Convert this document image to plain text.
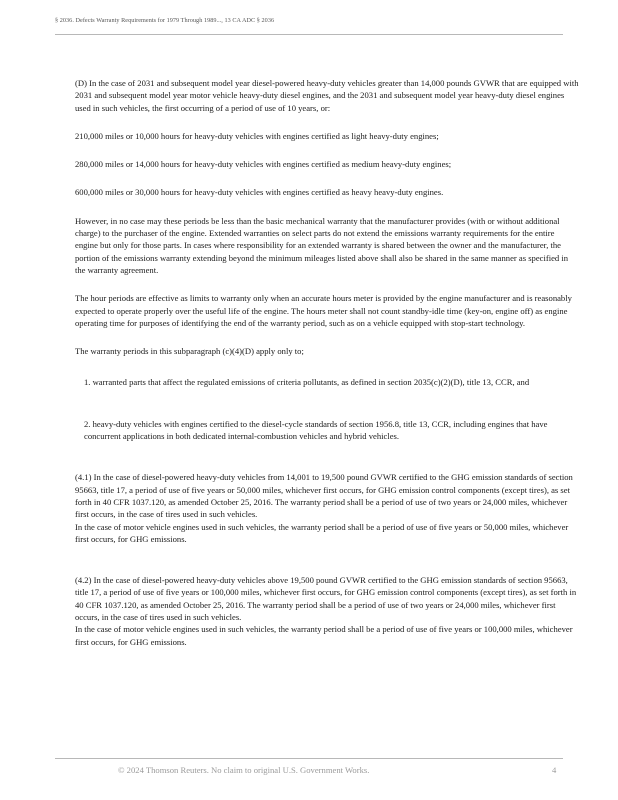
§ 2036. Defects Warranty Requirements for 1979 Through 1989..., 13 CA ADC § 2036

(D) In the case of 2031 and subsequent model year diesel-powered heavy-duty vehicles greater than 14,000 pounds GVWR that are equipped with 2031 and subsequent model year motor vehicle heavy-duty diesel engines, and the 2031 and subsequent model year heavy-duty diesel engines used in such vehicles, the first occurring of a period of use of 10 years, or:

210,000 miles or 10,000 hours for heavy-duty vehicles with engines certified as light heavy-duty engines;

280,000 miles or 14,000 hours for heavy-duty vehicles with engines certified as medium heavy-duty engines;

600,000 miles or 30,000 hours for heavy-duty vehicles with engines certified as heavy heavy-duty engines.

However, in no case may these periods be less than the basic mechanical warranty that the manufacturer provides (with or without additional charge) to the purchaser of the engine. Extended warranties on select parts do not extend the emissions warranty requirements for the entire engine but only for those parts. In cases where responsibility for an extended warranty is shared between the owner and the manufacturer, the portion of the emissions warranty extending beyond the minimum mileages listed above shall also be shared in the same manner as specified in the warranty agreement.

The hour periods are effective as limits to warranty only when an accurate hours meter is provided by the engine manufacturer and is reasonably expected to operate properly over the useful life of the engine. The hours meter shall not count standby-idle time (key-on, engine off) as engine operating time for purposes of identifying the end of the warranty period, such as on a vehicle equipped with stop-start technology.

The warranty periods in this subparagraph (c)(4)(D) apply only to;

1. warranted parts that affect the regulated emissions of criteria pollutants, as defined in section 2035(c)(2)(D), title 13, CCR, and

2. heavy-duty vehicles with engines certified to the diesel-cycle standards of section 1956.8, title 13, CCR, including engines that have concurrent applications in both dedicated internal-combustion vehicles and hybrid vehicles.

(4.1) In the case of diesel-powered heavy-duty vehicles from 14,001 to 19,500 pound GVWR certified to the GHG emission standards of section 95663, title 17, a period of use of five years or 50,000 miles, whichever first occurs, for GHG emission control components (except tires), as set forth in 40 CFR 1037.120, as amended October 25, 2016. The warranty period shall be a period of use of two years or 24,000 miles, whichever first occurs, in the case of tires used in such vehicles.
In the case of motor vehicle engines used in such vehicles, the warranty period shall be a period of use of five years or 50,000 miles, whichever first occurs, for GHG emissions.
(4.2) In the case of diesel-powered heavy-duty vehicles above 19,500 pound GVWR certified to the GHG emission standards of section 95663, title 17, a period of use of five years or 100,000 miles, whichever first occurs, for GHG emission control components (except tires), as set forth in 40 CFR 1037.120, as amended October 25, 2016. The warranty period shall be a period of use of two years or 24,000 miles, whichever first occurs, in the case of tires used in such vehicles.
In the case of motor vehicle engines used in such vehicles, the warranty period shall be a period of use of five years or 100,000 miles, whichever first occurs, for GHG emissions.
© 2024 Thomson Reuters. No claim to original U.S. Government Works.	4
